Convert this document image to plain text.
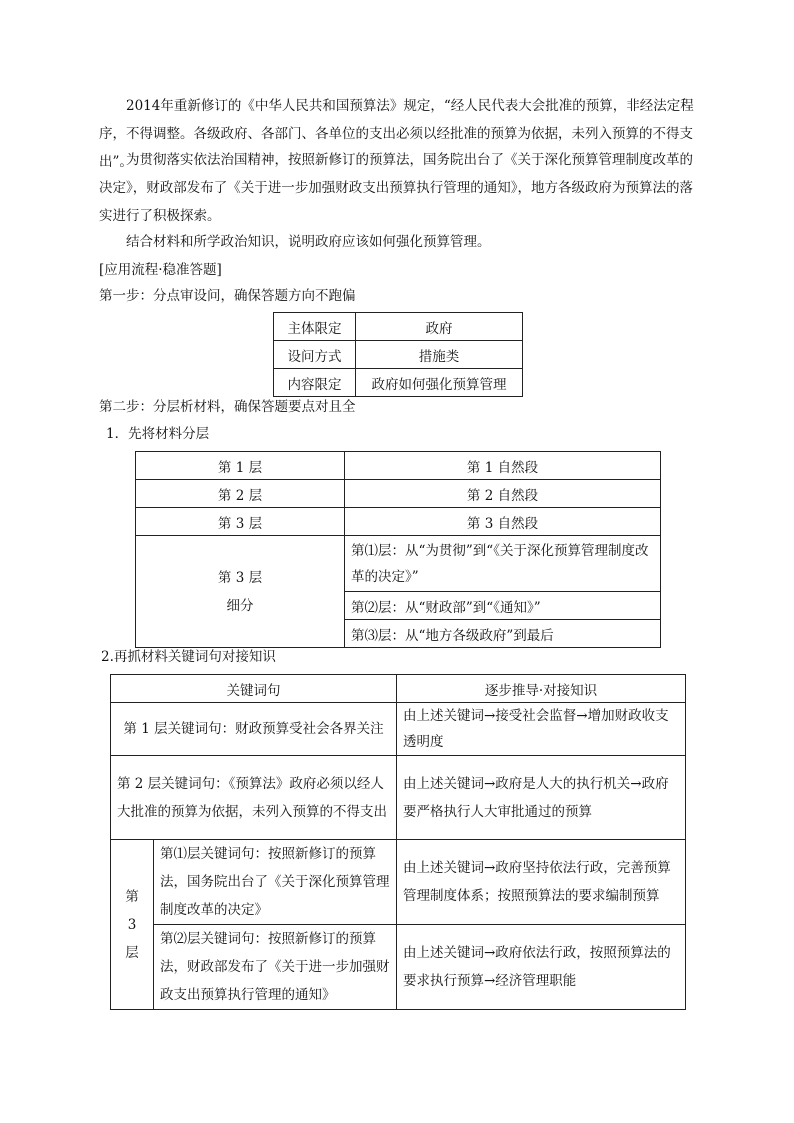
2014年重新修订的《中华人民共和国预算法》规定，“经人民代表大会批准的预算，非经法定程序，不得调整。各级政府、各部门、各单位的支出必须以经批准的预算为依据，未列入预算的不得支出”。

为贯彻落实依法治国精神，按照新修订的预算法，国务院出台了《关于深化预算管理制度改革的决定》，财政部发布了《关于进一步加强财政支出预算执行管理的通知》，地方各级政府为预算法的落实进行了积极探索。

结合材料和所学政治知识，说明政府应该如何强化预算管理。

[应用流程·稳准答题]
第一步：分点审设问，确保答题方向不跑偏
主体限定	政府
设问方式	措施类
内容限定	政府如何强化预算管理
第二步：分层析材料，确保答题要点对且全
1．先将材料分层
第 1 层	第 1 自然段
第 2 层	第 2 自然段
第 3 层	第 3 自然段

第 3 层
细分	第⑴层：从“为贯彻”到“《关于深化预算管理制度改革的决定》”
	第⑵层：从“财政部”到“《通知》”
	第⑶层：从“地方各级政府”到最后
2.再抓材料关键词句对接知识
关键词句		逐步推导·对接知识
第 1 层关键词句：财政预算受社会各界关注		由上述关键词→接受社会监督→增加财政收支透明度
第 2 层关键词句：《预算法》政府必须以经人大批准的预算为依据，未列入预算的不得支出		由上述关键词→政府是人大的执行机关→政府要严格执行人大审批通过的预算

第
3
层	第⑴层关键词句：按照新修订的预算法，国务院出台了《关于深化预算管理制度改革的决定》	由上述关键词→政府坚持依法行政，完善预算管理制度体系；按照预算法的要求编制预算
	第⑵层关键词句：按照新修订的预算法，财政部发布了《关于进一步加强财政支出预算执行管理的通知》	由上述关键词→政府依法行政，按照预算法的要求执行预算→经济管理职能
